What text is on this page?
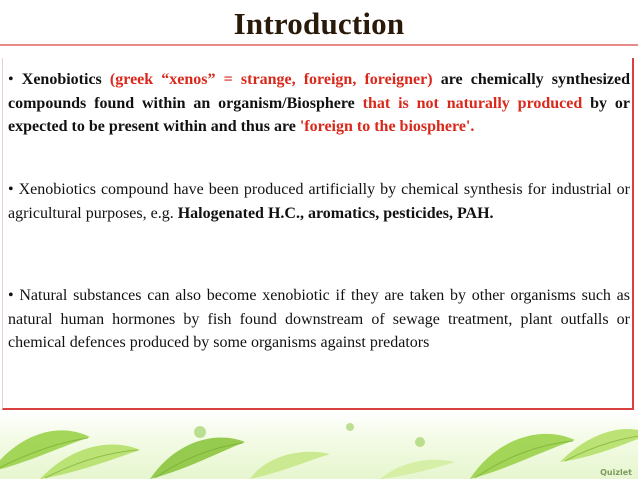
Introduction

• Xenobiotics (greek “xenos” = strange, foreign, foreigner) are chemically synthesized compounds found within an organism/Biosphere that is not naturally produced by or expected to be present within and thus are 'foreign to the biosphere'.

• Xenobiotics compound have been produced artificially by chemical synthesis for industrial or agricultural purposes, e.g. Halogenated H.C., aromatics, pesticides, PAH.

• Natural substances can also become xenobiotic if they are taken by other organisms such as natural human hormones by fish found downstream of sewage treatment, plant outfalls or chemical defences produced by some organisms against predators

Quizlet
